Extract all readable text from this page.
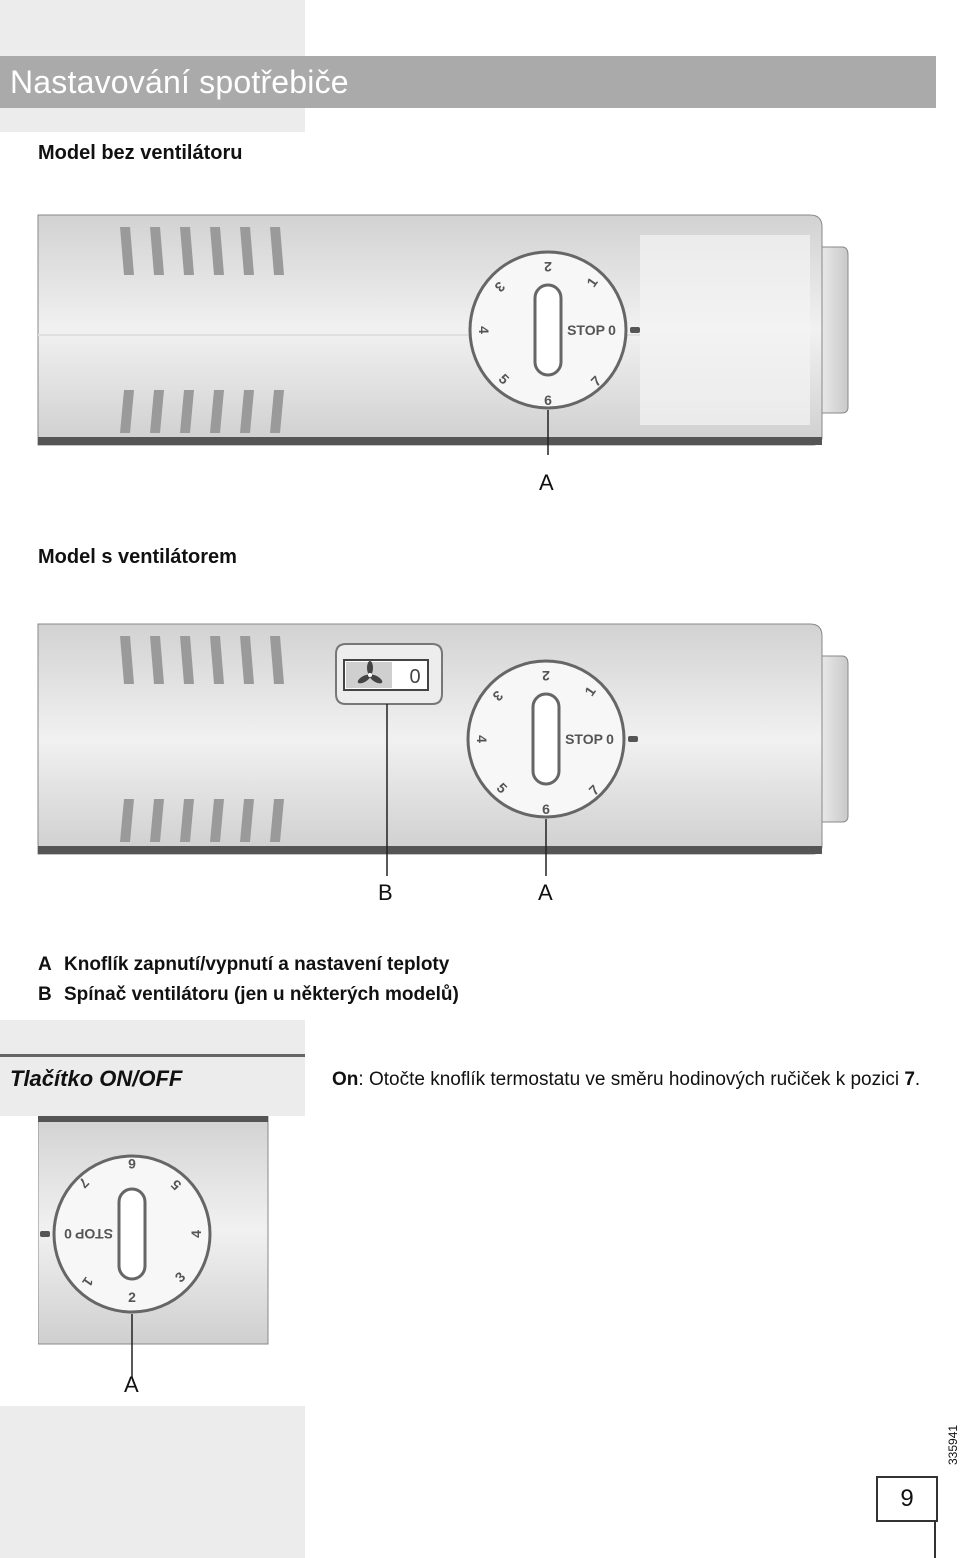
Nastavování spotřebiče
Model bez ventilátoru
STOP 0
1
2
3
4
5
6
7
A
Model s ventilátorem
0
STOP 0
1
2
3
4
5
6
7
B	A
A Knoflík zapnutí/vypnutí a nastavení teploty
B Spínač ventilátoru (jen u některých modelů)
Tlačítko ON/OFF	On: Otočte knoflík termostatu ve směru hodinových ručiček k pozici 7.
STOP
0
1
2
3
4
5
6
7
A
9
335941
